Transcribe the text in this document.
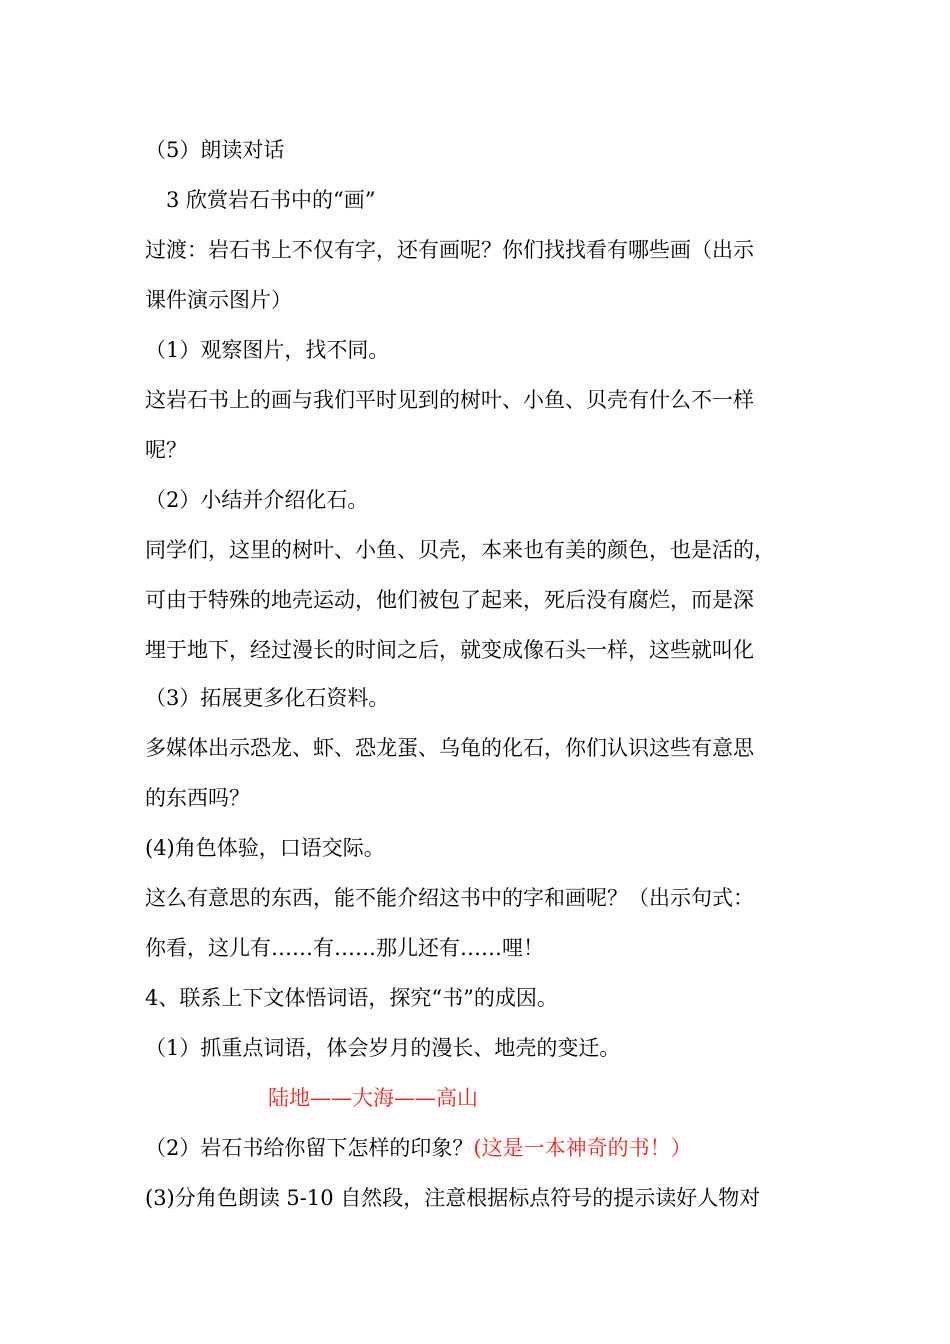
（5）朗读对话
3 欣赏岩石书中的“画”
过渡：岩石书上不仅有字，还有画呢？你们找找看有哪些画（出示
课件演示图片）
（1）观察图片，找不同。
这岩石书上的画与我们平时见到的树叶、小鱼、贝壳有什么不一样
呢？
（2）小结并介绍化石。
同学们，这里的树叶、小鱼、贝壳，本来也有美的颜色，也是活的，
可由于特殊的地壳运动，他们被包了起来，死后没有腐烂，而是深
埋于地下，经过漫长的时间之后，就变成像石头一样，这些就叫化
（3）拓展更多化石资料。
多媒体出示恐龙、虾、恐龙蛋、乌龟的化石，你们认识这些有意思
的东西吗？
(4)角色体验，口语交际。
这么有意思的东西，能不能介绍这书中的字和画呢？（出示句式：
你看，这儿有……有……那儿还有……哩！
4、联系上下文体悟词语，探究“书”的成因。
（1）抓重点词语，体会岁月的漫长、地壳的变迁。
陆地——大海——高山
（2）岩石书给你留下怎样的印象？(这是一本神奇的书！）
(3)分角色朗读 5-10 自然段，注意根据标点符号的提示读好人物对
